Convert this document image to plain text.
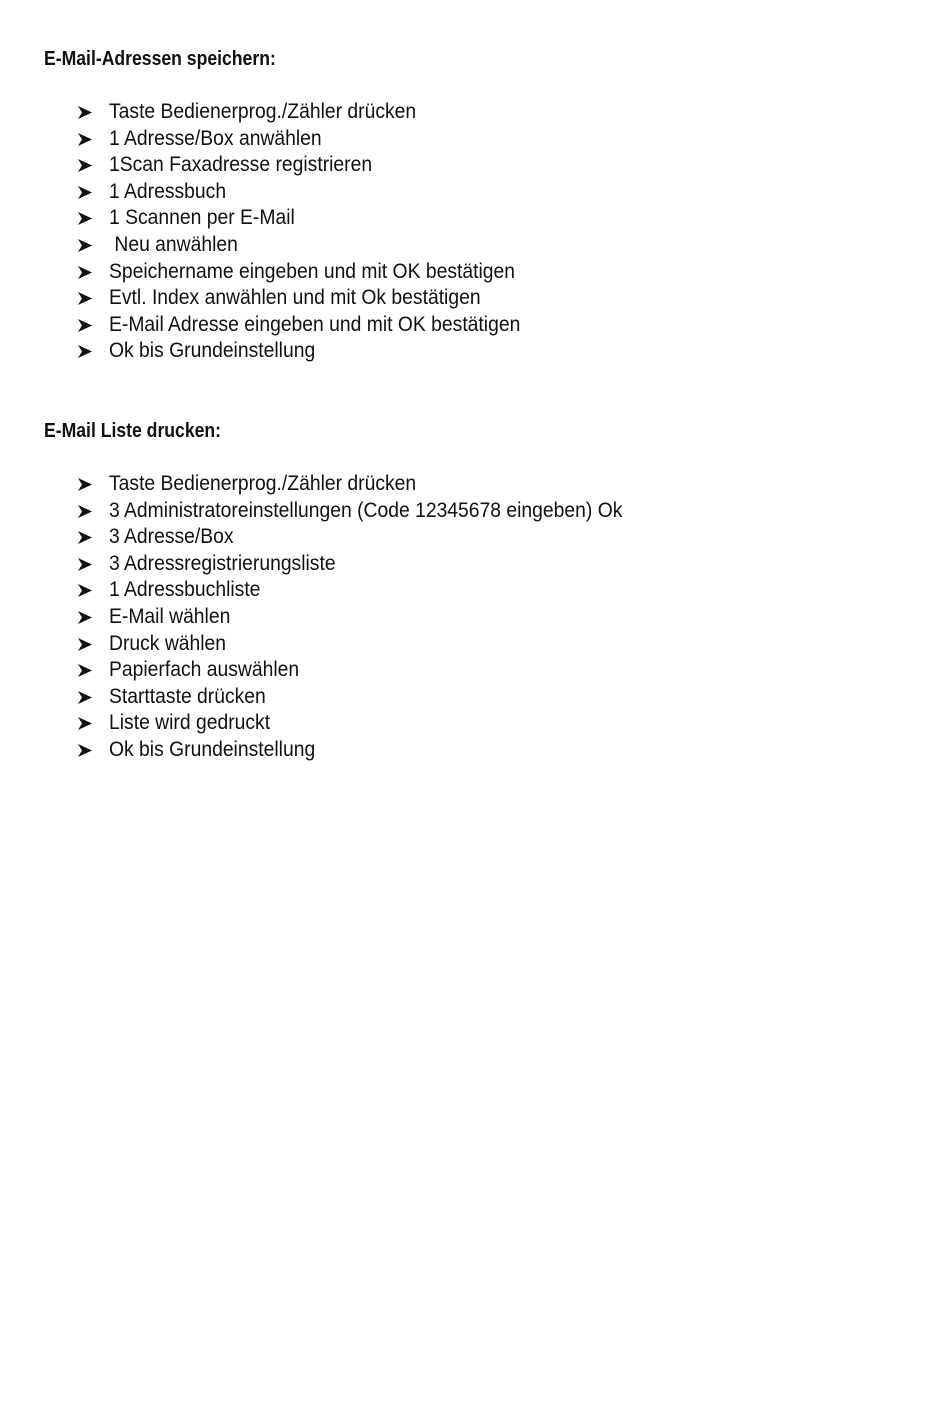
E-Mail-Adressen speichern:
Taste Bedienerprog./Zähler drücken
1 Adresse/Box anwählen
1Scan Faxadresse registrieren
1 Adressbuch
1 Scannen per E-Mail
Neu anwählen
Speichername eingeben und mit OK bestätigen
Evtl. Index anwählen und mit Ok bestätigen
E-Mail Adresse eingeben und mit OK bestätigen
Ok bis Grundeinstellung
E-Mail Liste drucken:
Taste Bedienerprog./Zähler drücken
3 Administratoreinstellungen (Code 12345678 eingeben) Ok
3 Adresse/Box
3 Adressregistrierungsliste
1 Adressbuchliste
E-Mail wählen
Druck wählen
Papierfach auswählen
Starttaste drücken
Liste wird gedruckt
Ok bis Grundeinstellung
